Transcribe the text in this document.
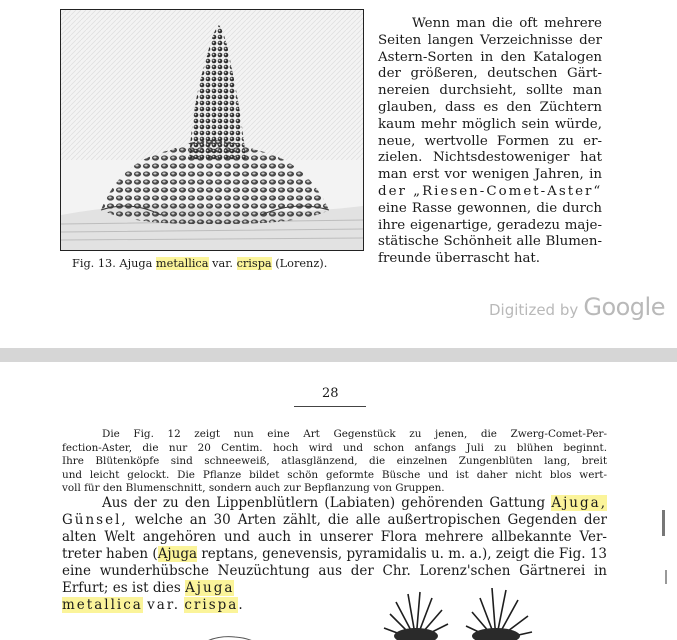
Fig. 13. Ajuga metallica var. crispa (Lorenz).
Wenn man die oft mehrere
Seiten langen Verzeichnisse der
Astern-Sorten in den Katalogen
der größeren, deutschen Gärt-
nereien durchsieht, sollte man
glauben, dass es den Züchtern
kaum mehr möglich sein würde,
neue, wertvolle Formen zu er-
zielen. Nichtsdestoweniger hat
man erst vor wenigen Jahren, in
der „Riesen-Comet-Aster“
eine Rasse gewonnen, die durch
ihre eigenartige, geradezu maje-
stätische Schönheit alle Blumen-
freunde überrascht hat.
Digitized by Google
28
Die Fig. 12 zeigt nun eine Art Gegenstück zu jenen, die Zwerg-Comet-Per-
fection-Aster, die nur 20 Centim. hoch wird und schon anfangs Juli zu blühen beginnt.
Ihre Blütenköpfe sind schneeweiß, atlasglänzend, die einzelnen Zungenblüten lang, breit
und leicht gelockt. Die Pflanze bildet schön geformte Büsche und ist daher nicht blos wert-
voll für den Blumenschnitt, sondern auch zur Bepflanzung von Gruppen.
Aus der zu den Lippenblütlern (Labiaten) gehörenden Gattung Ajuga,
Günsel, welche an 30 Arten zählt, die alle außertropischen Gegenden der
alten Welt angehören und auch in unserer Flora mehrere allbekannte Ver-
treter haben (Ajuga reptans, genevensis, pyramidalis u. m. a.), zeigt die Fig. 13
eine wunderhübsche Neuzüchtung aus der Chr. Lorenz'schen Gärtnerei in
Erfurt; es ist dies Ajuga
metallica var. crispa.
